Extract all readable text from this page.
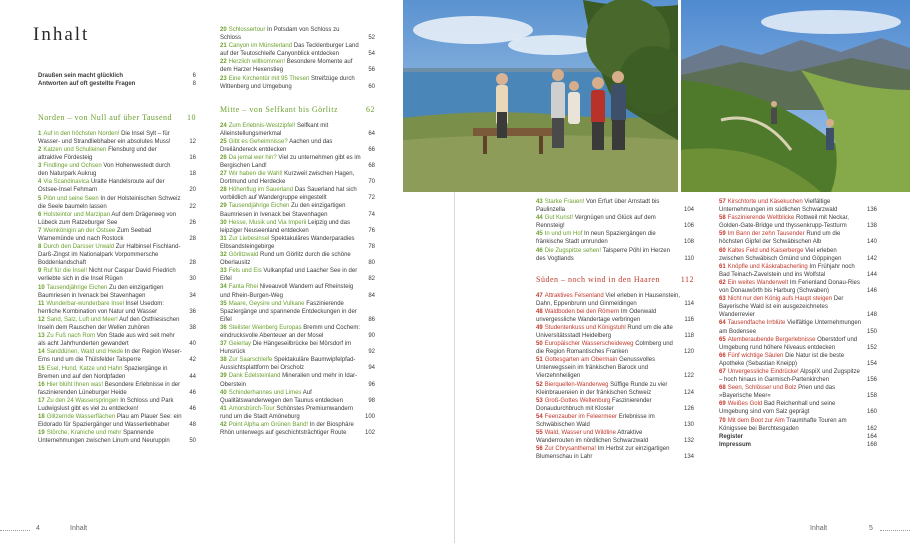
Inhalt
Draußen sein macht glücklich	6
Antworten auf oft gestellte Fragen	8
Norden – von Null auf über Tausend 10
1 Auf in den höchsten Norden! Die Insel Sylt – für Wasser- und Strandliebhaber ein absolutes Muss!	12
2 Katzen und Schulleinen Flensburg und der attraktive Fördesteig	16
3 Findlinge und Ochsen Von Hohenwestedt durch den Naturpark Aukrug	18
4 Via Scandinavica Uralte Handelsroute auf der Ostsee-Insel Fehmarn	20
5 Plön und seine Seen In der Holsteinischen Schweiz die Seele baumeln lassen	22
6 Holsteintor und Marzipan Auf dem Drägerweg von Lübeck zum Ratzeburger See	26
7 Weinkönigin an der Ostsee Zum Seebad Warnemünde und nach Rostock	28
8 Durch den Darsser Urwald Zur Halbinsel Fischland-Darß-Zingst im Nationalpark Vorpommersche Boddenlandschaft	28
9 Ruf für die Insel! Nicht nur Caspar David Friedrich verliebte sich in die Insel Rügen	30
10 Tausendjährige Eichen Zu den einzigartigen Baumriesen in Ivenack bei Stavenhagen	34
11 Wunderbar-wunderbare Insel Insel Usedom: herrliche Kombination von Natur und Wasser	36
12 Sand, Salz, Luft und Meer! Auf den Ostfriesischen Inseln dem Rauschen der Wellen zuhören	38
13 Zu Fuß nach Rom Von Stade aus wird seit mehr als acht Jahrhunderten gewandert	40
14 Sanddünen, Wald und Heide In der Region Weser-Ems rund um die Thülsfelder Talsperre	42
15 Esel, Hund, Katze und Hahn Spaziergänge in Bremen und auf den Nordpfaden	44
16 Hier blüht Ihnen was! Besondere Erlebnisse in der faszinierenden Lüneburger Heide	46
17 Zu den 24 Wasserspringen In Schloss und Park Ludwigslust gibt es viel zu entdecken!	46
18 Glitzernde Wasserflächen Plau am Plauer See: ein Eldorado für Spaziergänger und Wasserliebhaber	48
19 Störche, Kraniche und mehr Spannende Unternehmungen zwischen Linum und Neuruppin	50
20 Schlossertour In Potsdam von Schloss zu Schloss	52
21 Canyon im Münsterland Das Tecklenburger Land auf der Teutoschleife Canyonblick entdecken	54
22 Herzlich willkommen! Besondere Momente auf dem Harzer Hexenstieg	56
23 Eine Kirchentür mit 95 Thesen Streifzüge durch Wittenberg und Umgebung	60
Mitte – von Selfkant bis Görlitz	62
24 Zum Erlebnis-Westzipfel! Selfkant mit Alleinstellungsmerkmal	64
25 Gibt es Geheimnisse? Aachen und das Dreiländereck entdecken	66
26 Da jemal wer hin? Viel zu unternehmen gibt es im Bergischen Land!	68
27 Wir haben die Wahl! Kurzweil zwischen Hagen, Dortmund und Herdecke	70
28 Höhenflug im Sauerland Das Sauerland hat sich vorbildlich auf Wandergruppe eingestellt	72
29 Tausendjährige Eichen Zu den einzigartigen Baumriesen in Ivenack bei Stavenhagen	74
30 Hesse, Musik und Via Imperii Leipzig und das leipziger Neuseenland entdecken	76
31 Zur Liebesinsel Spektakuläres Wanderparadies Elbsandsteingebirge	78
32 Görlitzwald Rund um Görlitz durch die schöne Oberlausitz	80
33 Fels und Eis Vulkanpfad und Laacher See in der Eifel	82
34 Fanta Rhei Niveauvoll Wandern auf Rheinsteig und Rhein-Burgen-Weg	84
35 Maare, Geysire und Vulkane Faszinierende Spaziergänge und spannende Entdeckungen in der Eifel	86
36 Steilster Weinberg Europas Bremm und Cochem: eindrucksvolle Abenteuer an der Mosel	90
37 Geierlay Die Hängeseilbrücke bei Mörsdorf im Hunsrück	92
38 Zur Saarschleife Spektakuläre Baumwipfelpfad-Aussichtsplattform bei Orscholz	94
39 Dank Edelsteinland Mineralien und mehr in Idar-Oberstein	96
40 Schinderhannes und Limes Auf Qualitätswanderwegen den Taunus entdecken	98
41 Amorsbürch-Tour Schönstes Premiumwandern rund um die Stadt Amöneburg	100
42 Point Alpha am Grünen Band! In der Biosphäre Rhön unterwegs auf geschichtsträchtiger Route	102
43 Starke Frauen! Von Erfurt über Arnstadt bis Paulinzella	104
44 Gut Kunst! Vergnügen und Glück auf dem Rennsteig!	106
45 In und um Hof In neun Spaziergängen die fränkische Stadt umrunden	108
46 Die Zugspitze sehen! Talsperre Pöhl im Herzen des Vogtlands	110
Süden – noch wind in den Haaren	112
47 Attraktives Felsenland Viel erleben in Hausenstein, Dahn, Eppenbrunn und Ginmeldingen	114
48 Waldboden bei den Römern Im Odenwald unvergessliche Wandertage verbringen	116
49 Studentenkuss und Königstuhl Rund um die alte Universitätsstadt Heidelberg	118
50 Europäischer Wasserscheideweg Colmberg und die Region Romantisches Franken	120
51 Gottesgarten am Obermain Genussvolles Unterwegssein im fränkischen Barock und Vierzehnheiligen	122
52 Bierquellen-Wanderweg Süffige Runde zu vier Kleinbrauereien in der fränkischen Schweiz	124
53 Groß-Gottes Weltenburg Faszinierender Donaudurchbruch mit Kloster	126
54 Feenzauber im Feleermeer Erlebnisse im Schwäbischen Wald	130
55 Wald, Wasser und Wildline Attraktive Wanderrouten im nördlichen Schwarzwald	132
56 Zur Chrysanthema! Im Herbst zur einzigartigen Blumenschau in Lahr	134
57 Kirschtorte und Käsekuchen Vielfältige Unternehmungen im südlichen Schwarzwald	136
58 Faszinierende Weltblicke Rottweil mit Neckar, Golden-Gate-Bridge und thyssenkrupp-Testturm	138
59 Im Bann der zehn Tausender Rund um die höchsten Gipfel der Schwäbischen Alb	140
60 Kaltes Feld und Kaiserberge Viel erleben zwischen Schwäbisch Gmünd und Göppingen	142
61 Knöpfle und Käskrabacherling Im Frühjahr noch Bad Teinach-Zavelstein und ins Wolfstal	144
62 Ein weites Wanderwelt Im Ferienland Donau-Ries von Donauwörth bis Harburg (Schwaben)	146
63 Nicht nur den König aufs Haupt steigen Der Bayerische Wald ist ein ausgezeichnetes Wanderrevier	148
64 Tausendfache Irrblüte Vielfältige Unternehmungen am Bodensee	150
65 Atemberaubende Bergerlebnisse Oberstdorf und Umgebung rund höhere Niveaus entdecken	152
66 Fünf wichtige Säulen Die Natur ist die beste Apotheke (Sebastian Kneipp)	154
67 Unvergessliche Eindrücke! AlpspiX und Zugspitze – hoch hinaus in Garmisch-Partenkirchen	156
68 Seen, Schlösser und Bolz Prien und das »Bayerische Meer«	158
69 Weißes Gold Bad Reichenhall und seine Umgebung sind vom Salz geprägt	160
70 Mit dem Boot zur Alm Traumhafte Touren am Königssee bei Berchtesgaden	162
Register	164
Impressum	168
4	Inhalt	Inhalt	5
